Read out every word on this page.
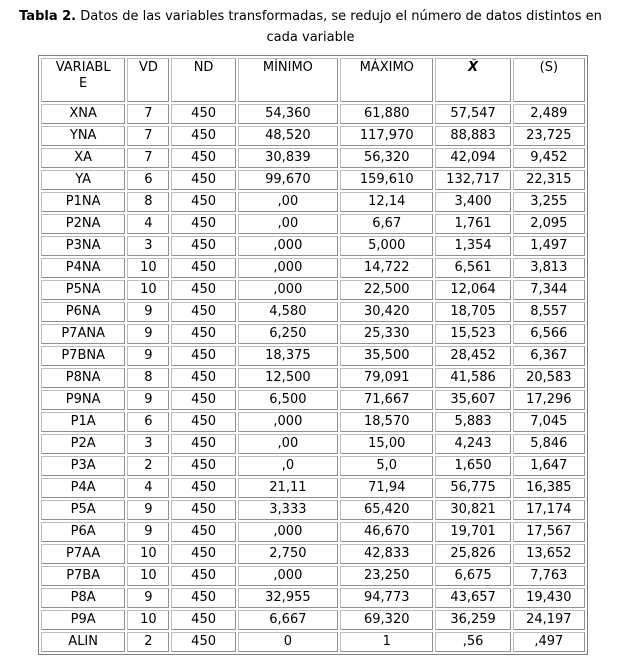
Tabla 2. Datos de las variables transformadas, se redujo el número de datos distintos en cada variable
VARIABLE	VD	ND	MÍNIMO	MÁXIMO	X̄	(S)
XNA	7	450	54,360	61,880	57,547	2,489
YNA	7	450	48,520	117,970	88,883	23,725
XA	7	450	30,839	56,320	42,094	9,452
YA	6	450	99,670	159,610	132,717	22,315
P1NA	8	450	,00	12,14	3,400	3,255
P2NA	4	450	,00	6,67	1,761	2,095
P3NA	3	450	,000	5,000	1,354	1,497
P4NA	10	450	,000	14,722	6,561	3,813
P5NA	10	450	,000	22,500	12,064	7,344
P6NA	9	450	4,580	30,420	18,705	8,557
P7ANA	9	450	6,250	25,330	15,523	6,566
P7BNA	9	450	18,375	35,500	28,452	6,367
P8NA	8	450	12,500	79,091	41,586	20,583
P9NA	9	450	6,500	71,667	35,607	17,296
P1A	6	450	,000	18,570	5,883	7,045
P2A	3	450	,00	15,00	4,243	5,846
P3A	2	450	,0	5,0	1,650	1,647
P4A	4	450	21,11	71,94	56,775	16,385
P5A	9	450	3,333	65,420	30,821	17,174
P6A	9	450	,000	46,670	19,701	17,567
P7AA	10	450	2,750	42,833	25,826	13,652
P7BA	10	450	,000	23,250	6,675	7,763
P8A	9	450	32,955	94,773	43,657	19,430
P9A	10	450	6,667	69,320	36,259	24,197
ALIN	2	450	0	1	,56	,497
